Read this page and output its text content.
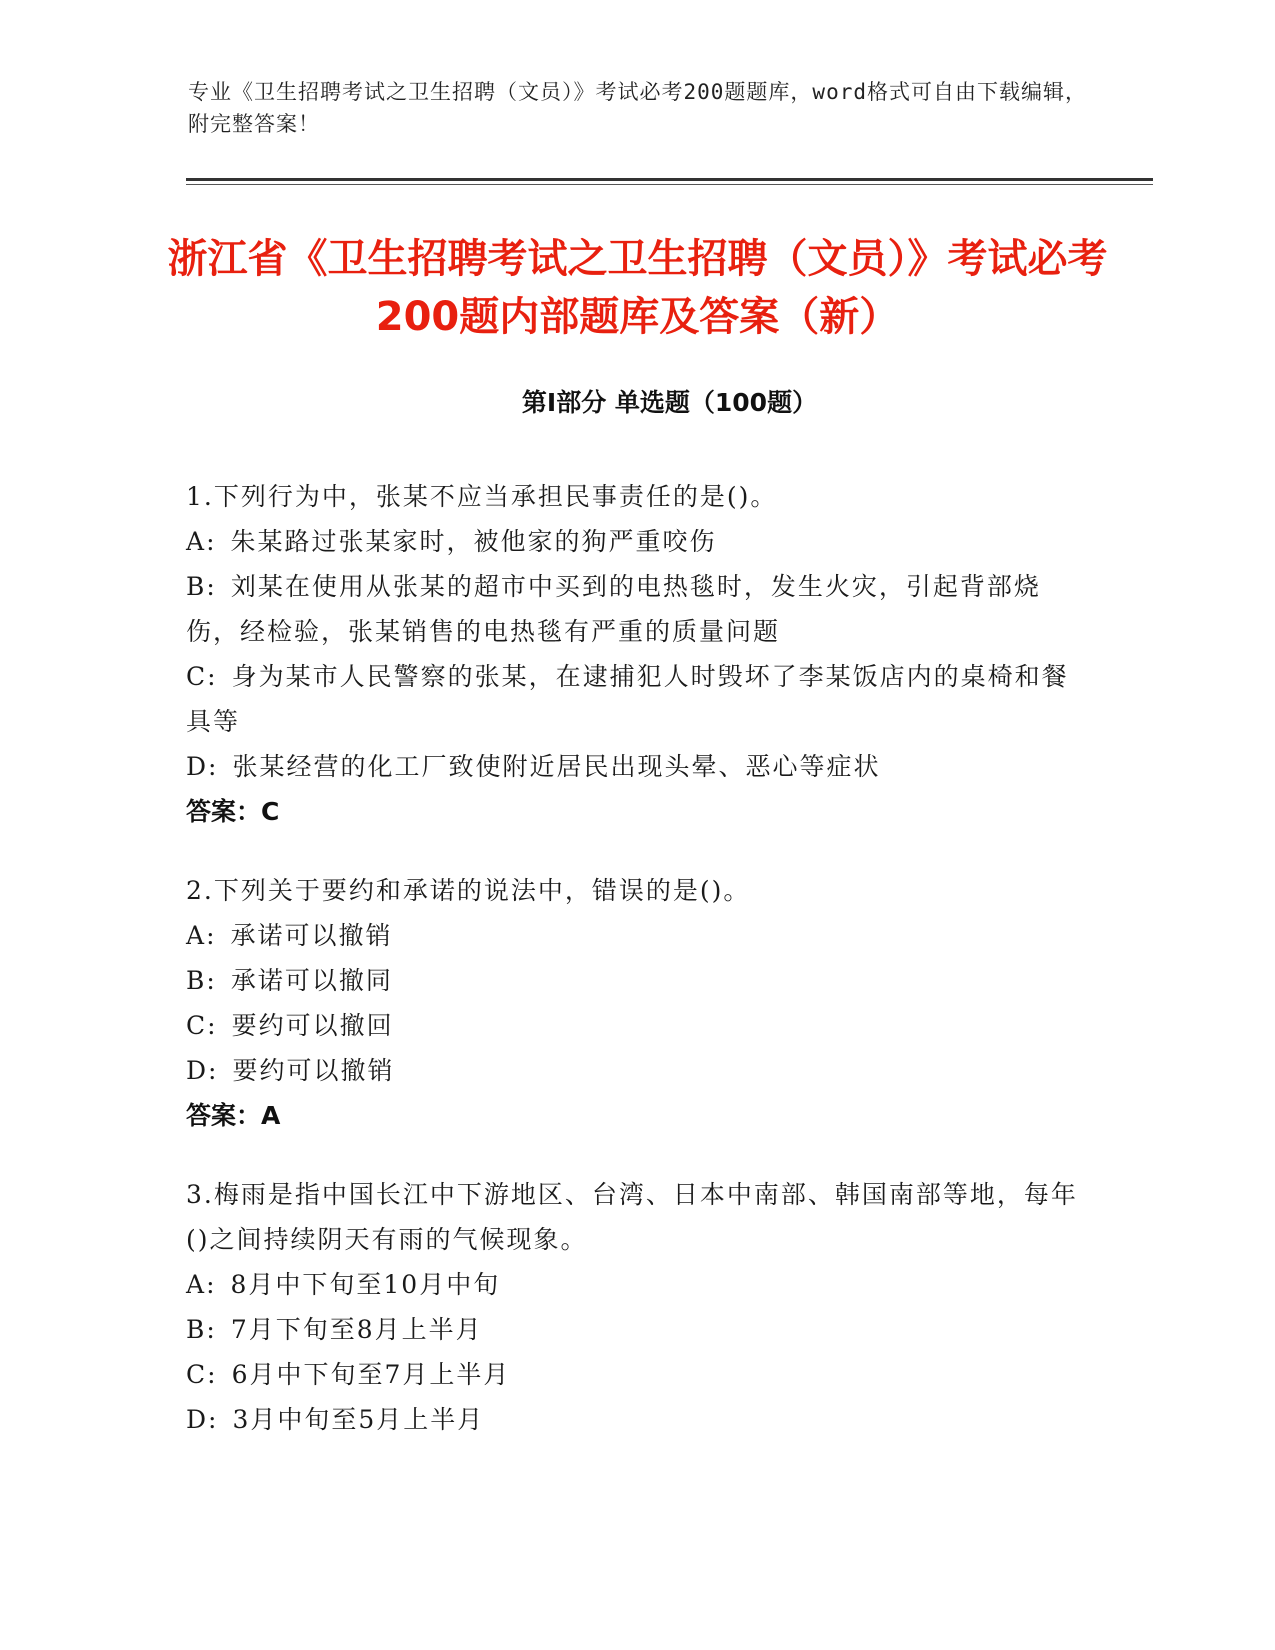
专业《卫生招聘考试之卫生招聘（文员）》考试必考200题题库，word格式可自由下载编辑，附完整答案！

浙江省《卫生招聘考试之卫生招聘（文员）》考试必考200题内部题库及答案（新）
第I部分 单选题（100题）

1.下列行为中，张某不应当承担民事责任的是()。

A: 朱某路过张某家时，被他家的狗严重咬伤

B: 刘某在使用从张某的超市中买到的电热毯时，发生火灾，引起背部烧伤，经检验，张某销售的电热毯有严重的质量问题

C: 身为某市人民警察的张某，在逮捕犯人时毁坏了李某饭店内的桌椅和餐具等

D: 张某经营的化工厂致使附近居民出现头晕、恶心等症状

答案：C

2.下列关于要约和承诺的说法中，错误的是()。

A: 承诺可以撤销

B: 承诺可以撤同

C: 要约可以撤回

D: 要约可以撤销

答案：A

3.梅雨是指中国长江中下游地区、台湾、日本中南部、韩国南部等地，每年()之间持续阴天有雨的气候现象。

A: 8月中下旬至10月中旬

B: 7月下旬至8月上半月

C: 6月中下旬至7月上半月

D: 3月中旬至5月上半月
